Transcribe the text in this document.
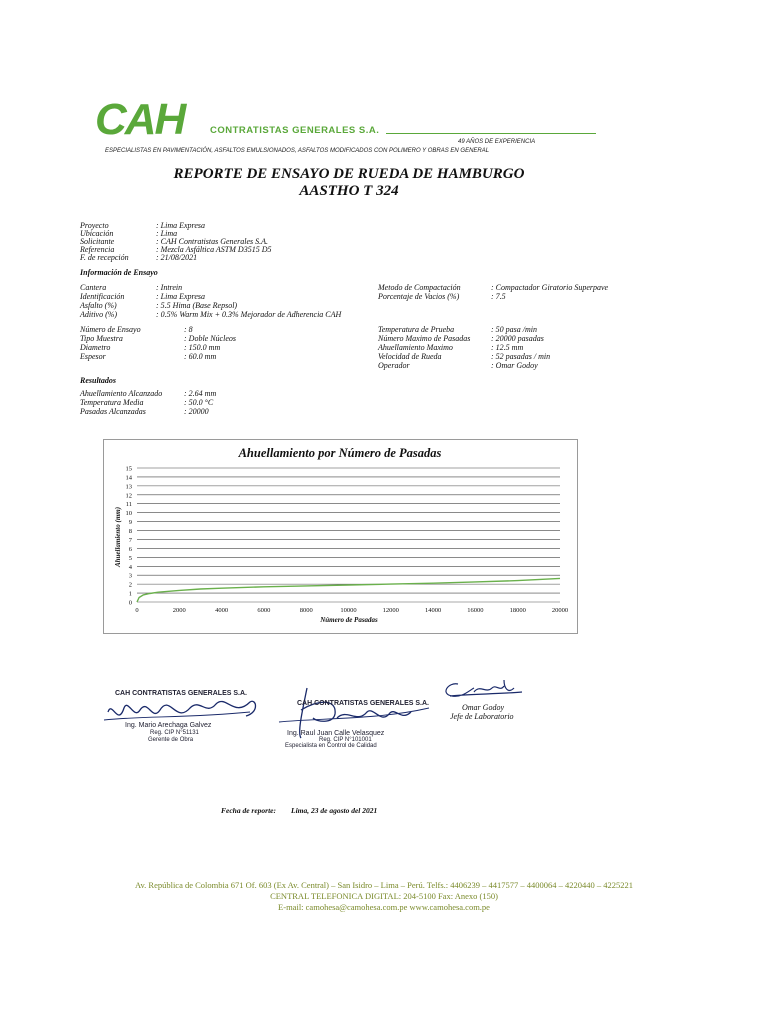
CAH	CONTRATISTAS GENERALES S.A.
49 AÑOS DE EXPERIENCIA
ESPECIALISTAS EN PAVIMENTACIÓN, ASFALTOS EMULSIONADOS, ASFALTOS MODIFICADOS CON POLIMERO Y OBRAS EN GENERAL
REPORTE DE ENSAYO DE RUEDA DE HAMBURGO
AASTHO T 324
Proyecto	: Lima Expresa
Ubicación	: Lima
Solicitante	: CAH Contratistas Generales S.A.
Referencia	: Mezcla Asfáltica ASTM D3515 D5
F. de recepción	: 21/08/2021
Información de Ensayo
Cantera	: Intrein
Identificación	: Lima Expresa
Asfalto (%)	: 5.5 Hima (Base Repsol)
Aditivo (%)	: 0.5% Warm Mix + 0.3% Mejorador de Adherencia CAH
Metodo de Compactación	: Compactador Giratorio Superpave
Porcentaje de Vacios (%)	: 7.5
Número de Ensayo	: 8
Tipo Muestra	: Doble Núcleos
Diametro	: 150.0 mm
Espesor	: 60.0 mm
Temperatura de Prueba	: 50 pasa /min
Número Maximo de Pasadas	: 20000 pasadas
Ahuellamiento Maximo	: 12.5 mm
Velocidad de Rueda	: 52 pasadas / min
Operador	: Omar Godoy
Resultados
Ahuellamiento Alcanzado	: 2.64 mm
Temperatura Media	: 50.0 °C
Pasadas Alcanzadas	: 20000
Ahuellamiento por Número de Pasadas
0
1
2
3
4
5
6
7
8
9
10
11
12
13
14
15
0	2000	4000	6000	8000	10000	12000	14000	16000	18000	20000
Número de Pasadas
Ahuellamiento (mm)
CAH CONTRATISTAS GENERALES S.A.
Ing. Mario Arechaga Galvez
Reg. CIP N°51131
Gerente de Obra
CAH CONTRATISTAS GENERALES S.A.
Ing. Raul Juan Calle Velasquez
Reg. CIP N°101001
Especialista en Control de Calidad
Omar Godoy
Jefe de Laboratorio
Fecha de reporte: Lima, 23 de agosto del 2021
Av. República de Colombia 671 Of. 603 (Ex Av. Central) – San Isidro – Lima – Perú. Telfs.: 4406239 – 4417577 – 4400064 – 4220440 – 4225221
CENTRAL TELEFONICA DIGITAL: 204-5100 Fax: Anexo (150)
E-mail: camohesa@camohesa.com.pe www.camohesa.com.pe
